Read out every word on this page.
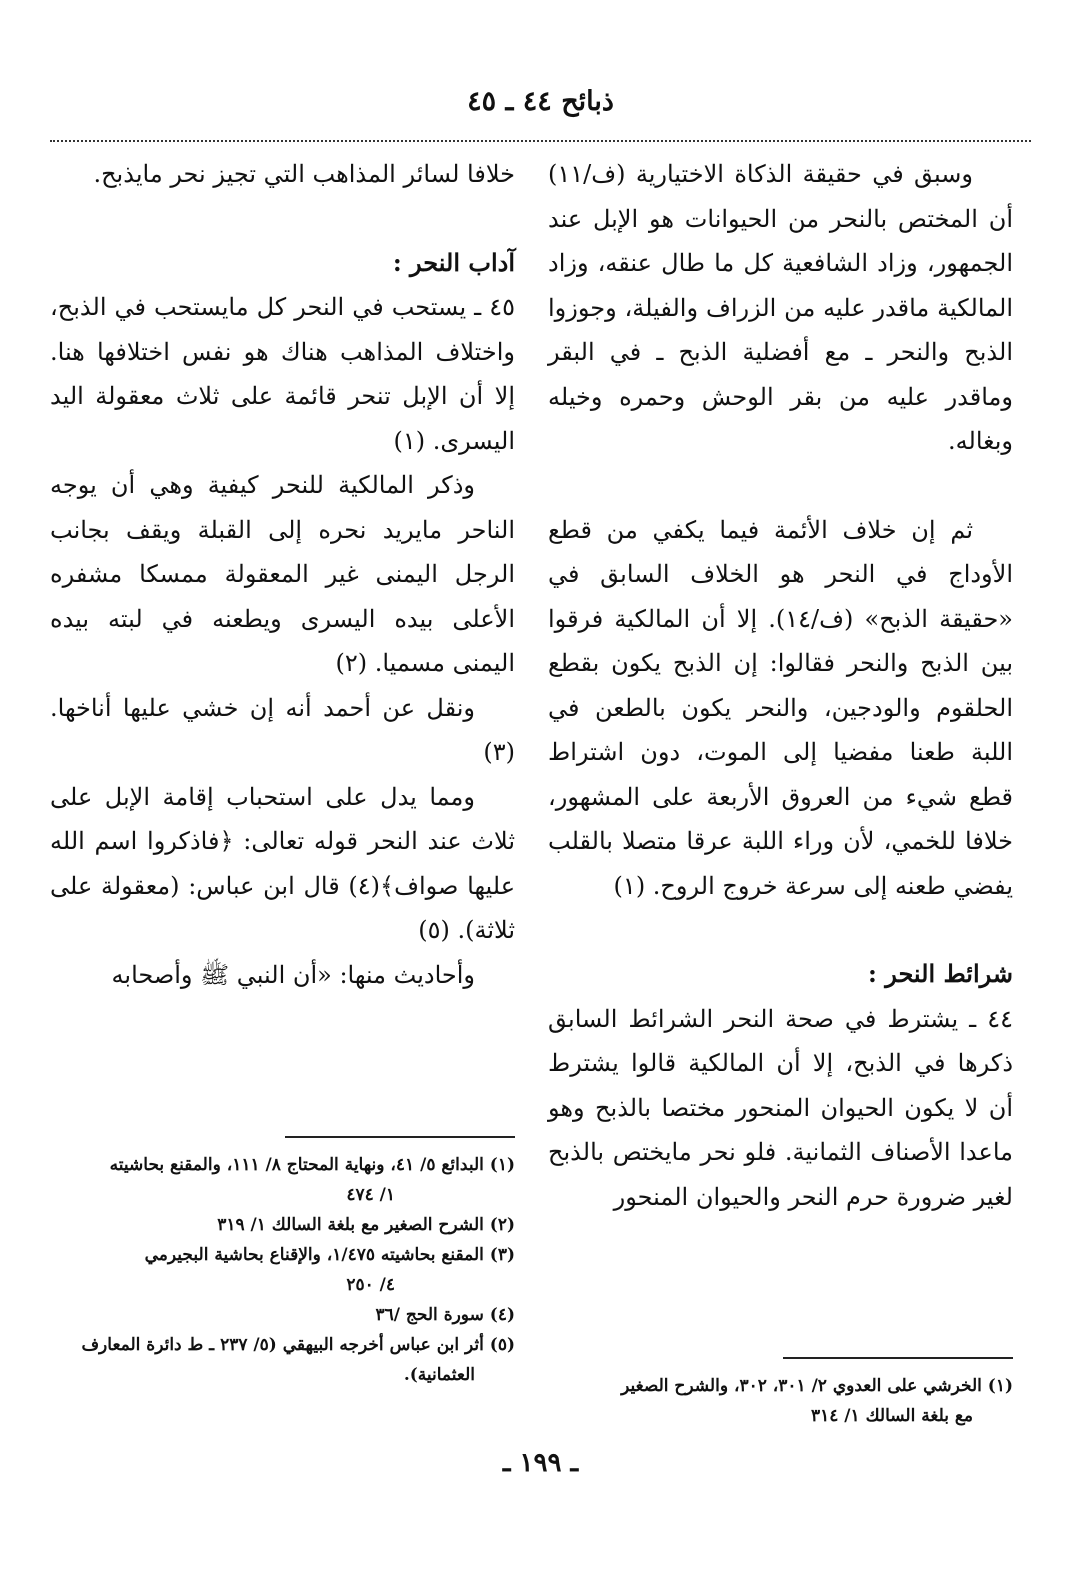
ذبائح ٤٤ ـ ٤٥

وسبق في حقيقة الذكاة الاختيارية (ف/١١) أن المختص بالنحر من الحيوانات هو الإبل عند الجمهور، وزاد الشافعية كل ما طال عنقه، وزاد المالكية ماقدر عليه من الزراف والفيلة، وجوزوا الذبح والنحر ـ مع أفضلية الذبح ـ في البقر وماقدر عليه من بقر الوحش وحمره وخيله وبغاله.

ثم إن خلاف الأئمة فيما يكفي من قطع الأوداج في النحر هو الخلاف السابق في «حقيقة الذبح» (ف/١٤). إلا أن المالكية فرقوا بين الذبح والنحر فقالوا: إن الذبح يكون بقطع الحلقوم والودجين، والنحر يكون بالطعن في اللبة طعنا مفضيا إلى الموت، دون اشتراط قطع شيء من العروق الأربعة على المشهور، خلافا للخمي، لأن وراء اللبة عرقا متصلا بالقلب يفضي طعنه إلى سرعة خروج الروح. (١)

شرائط النحر :

٤٤ ـ يشترط في صحة النحر الشرائط السابق ذكرها في الذبح، إلا أن المالكية قالوا يشترط أن لا يكون الحيوان المنحور مختصا بالذبح وهو ماعدا الأصناف الثمانية. فلو نحر مايختص بالذبح لغير ضرورة حرم النحر والحيوان المنحور

خلافا لسائر المذاهب التي تجيز نحر مايذبح.

آداب النحر :

٤٥ ـ يستحب في النحر كل مايستحب في الذبح، واختلاف المذاهب هناك هو نفس اختلافها هنا. إلا أن الإبل تنحر قائمة على ثلاث معقولة اليد اليسرى. (١)

وذكر المالكية للنحر كيفية وهي أن يوجه الناحر مايريد نحره إلى القبلة ويقف بجانب الرجل اليمنى غير المعقولة ممسكا مشفره الأعلى بيده اليسرى ويطعنه في لبته بيده اليمنى مسميا. (٢)

ونقل عن أحمد أنه إن خشي عليها أناخها. (٣)

ومما يدل على استحباب إقامة الإبل على ثلاث عند النحر قوله تعالى: ﴿فاذكروا اسم الله عليها صواف﴾(٤) قال ابن عباس: (معقولة على ثلاثة). (٥)

وأحاديث منها: «أن النبي ﷺ وأصحابه

(١) البدائع ٥/ ٤١، ونهاية المحتاج ٨/ ١١١، والمقنع بحاشيته

١/ ٤٧٤

(٢) الشرح الصغير مع بلغة السالك ١/ ٣١٩

(٣) المقنع بحاشيته ١/٤٧٥، والإقناع بحاشية البجيرمي

٤/ ٢٥٠

(٤) سورة الحج /٣٦

(٥) أثر ابن عباس أخرجه البيهقي (٥/ ٢٣٧ ـ ط دائرة المعارف

العثمانية).

(١) الخرشي على العدوي ٢/ ٣٠١، ٣٠٢، والشرح الصغير

مع بلغة السالك ١/ ٣١٤

ـ ١٩٩ ـ
